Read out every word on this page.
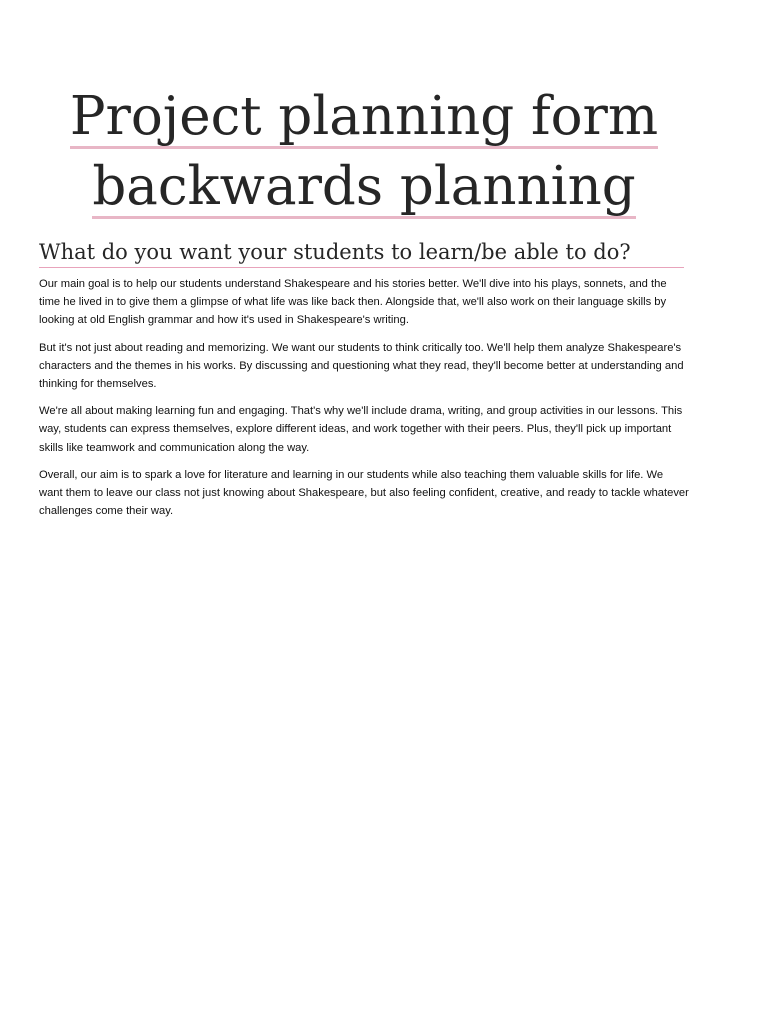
Project planning form
backwards planning
What do you want your students to learn/be able to do?

Our main goal is to help our students understand Shakespeare and his stories better. We'll dive into his plays, sonnets, and the time he lived in to give them a glimpse of what life was like back then. Alongside that, we'll also work on their language skills by looking at old English grammar and how it's used in Shakespeare's writing.

But it's not just about reading and memorizing. We want our students to think critically too. We'll help them analyze Shakespeare's characters and the themes in his works. By discussing and questioning what they read, they'll become better at understanding and thinking for themselves.

We're all about making learning fun and engaging. That's why we'll include drama, writing, and group activities in our lessons. This way, students can express themselves, explore different ideas, and work together with their peers. Plus, they'll pick up important skills like teamwork and communication along the way.

Overall, our aim is to spark a love for literature and learning in our students while also teaching them valuable skills for life. We want them to leave our class not just knowing about Shakespeare, but also feeling confident, creative, and ready to tackle whatever challenges come their way.
